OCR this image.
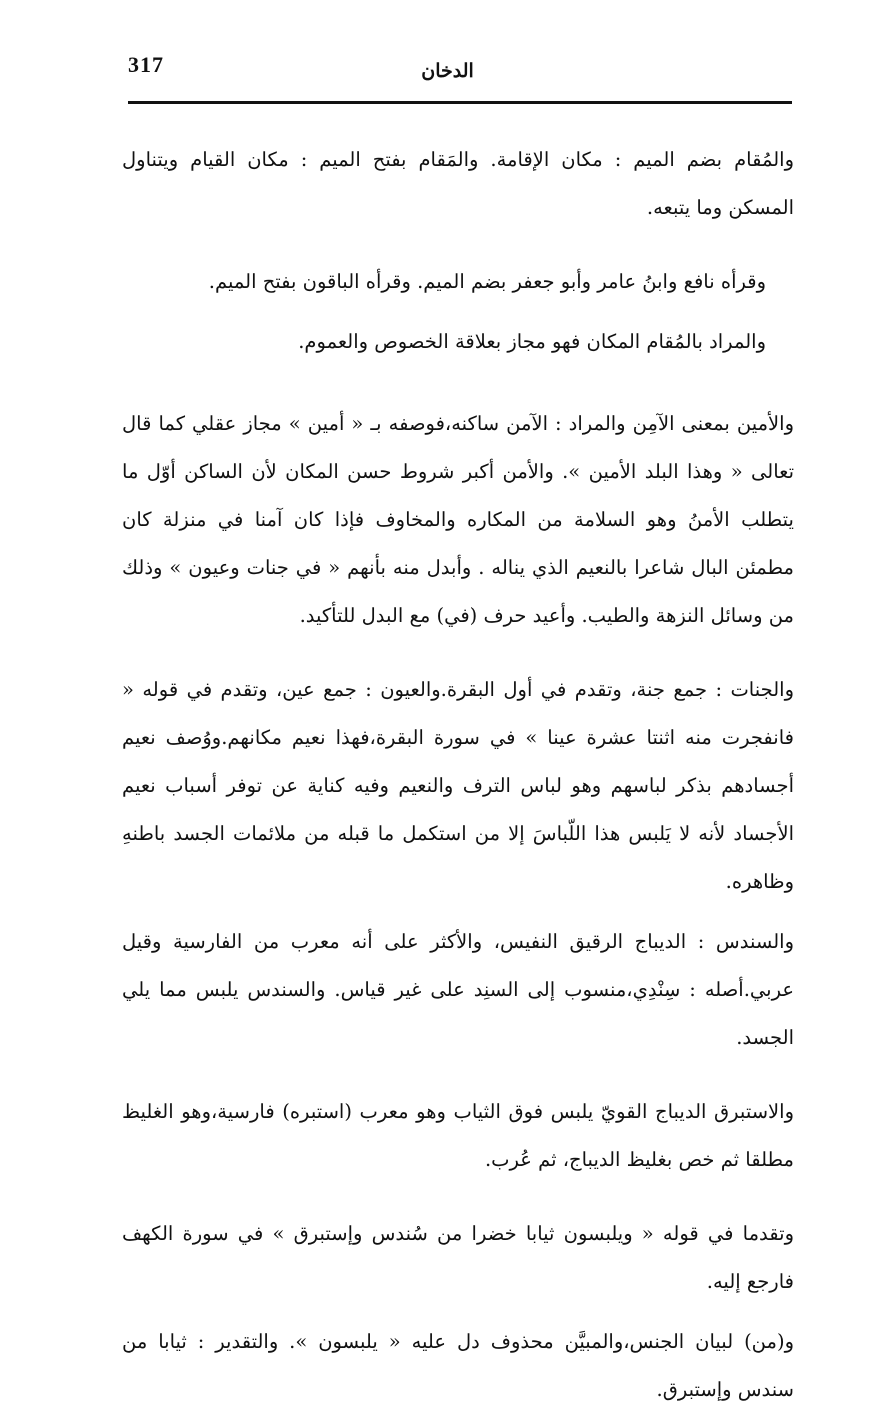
317	الدخان

والمُقام بضم الميم : مكان الإقامة. والمَقام بفتح الميم : مكان القيام ويتناول المسكن وما يتبعه.

وقرأه نافع وابنُ عامر وأبو جعفر بضم الميم. وقرأه الباقون بفتح الميم.

والمراد بالمُقام المكان فهو مجاز بعلاقة الخصوص والعموم.

والأمين بمعنى الآمِن والمراد : الآمن ساكنه،فوصفه بـ « أمين » مجاز عقلي كما قال تعالى « وهذا البلد الأمين ». والأمن أكبر شروط حسن المكان لأن الساكن أوّل ما يتطلب الأمنُ وهو السلامة من المكاره والمخاوف فإذا كان آمنا في منزلة كان مطمئن البال شاعرا بالنعيم الذي يناله . وأبدل منه بأنهم « في جنات وعيون » وذلك من وسائل النزهة والطيب. وأعيد حرف (في) مع البدل للتأكيد.

والجنات : جمع جنة، وتقدم في أول البقرة.والعيون : جمع عين، وتقدم في قوله « فانفجرت منه اثنتا عشرة عينا » في سورة البقرة،فهذا نعيم مكانهم.ووُصف نعيم أجسادهم بذكر لباسهم وهو لباس الترف والنعيم وفيه كناية عن توفر أسباب نعيم الأجساد لأنه لا يَلبس هذا اللّباسَ إلا من استكمل ما قبله من ملائمات الجسد باطنهِ وظاهره.

والسندس : الديباج الرقيق النفيس، والأكثر على أنه معرب من الفارسية وقيل عربي.أصله : سِنْدِي،منسوب إلى السنِد على غير قياس. والسندس يلبس مما يلي الجسد.

والاستبرق الديباج القويّ يلبس فوق الثياب وهو معرب (استبره) فارسية،وهو الغليظ مطلقا ثم خص بغليظ الديباج، ثم عُرب.

وتقدما في قوله « ويلبسون ثيابا خضرا من سُندس وإستبرق » في سورة الكهف فارجع إليه.

و(من) لبيان الجنس،والمبيَّن محذوف دل عليه « يلبسون ». والتقدير : ثيابا من سندس وإستبرق.
